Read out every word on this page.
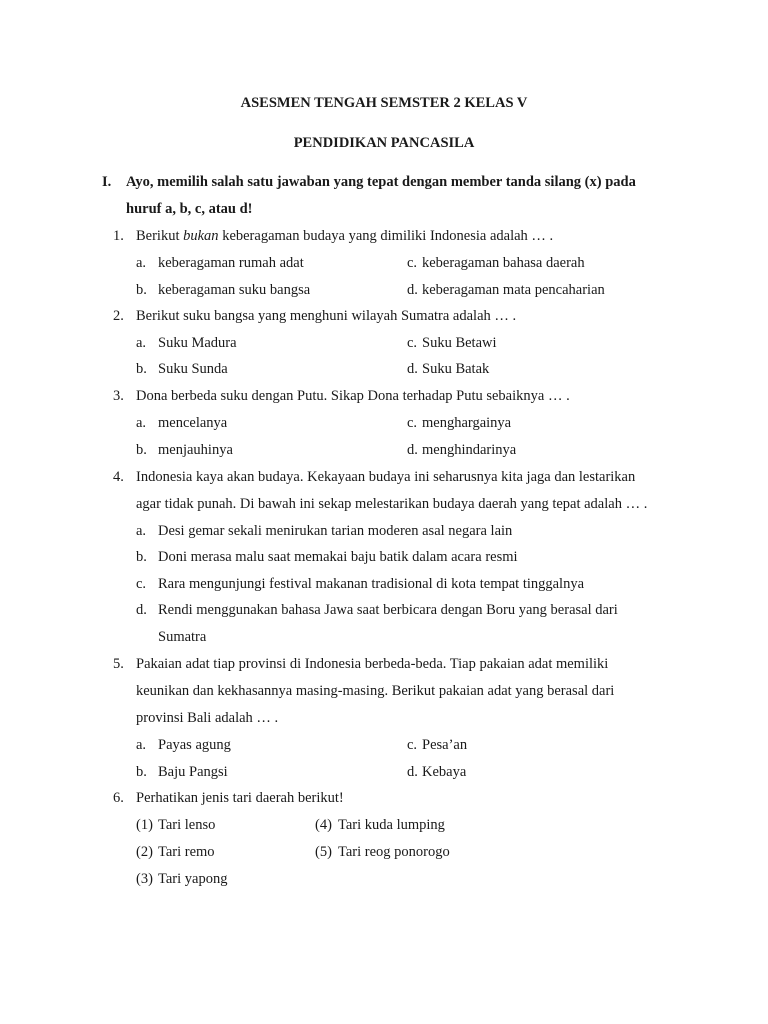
ASESMEN TENGAH SEMSTER 2 KELAS V
PENDIDIKAN PANCASILA
I. Ayo, memilih salah satu jawaban yang tepat dengan member tanda silang (x) pada
huruf a, b, c, atau d!
1. Berikut bukan keberagaman budaya yang dimiliki Indonesia adalah … .
a. keberagaman rumah adat	c. keberagaman bahasa daerah
b. keberagaman suku bangsa	d. keberagaman mata pencaharian
2. Berikut suku bangsa yang menghuni wilayah Sumatra adalah … .
a. Suku Madura	c. Suku Betawi
b. Suku Sunda	d. Suku Batak
3. Dona berbeda suku dengan Putu. Sikap Dona terhadap Putu sebaiknya … .
a. mencelanya	c. menghargainya
b. menjauhinya	d. menghindarinya
4. Indonesia kaya akan budaya. Kekayaan budaya ini seharusnya kita jaga dan lestarikan
agar tidak punah. Di bawah ini sekap melestarikan budaya daerah yang tepat adalah … .
a. Desi gemar sekali menirukan tarian moderen asal negara lain
b. Doni merasa malu saat memakai baju batik dalam acara resmi
c. Rara mengunjungi festival makanan tradisional di kota tempat tinggalnya
d. Rendi menggunakan bahasa Jawa saat berbicara dengan Boru yang berasal dari
Sumatra
5. Pakaian adat tiap provinsi di Indonesia berbeda-beda. Tiap pakaian adat memiliki
keunikan dan kekhasannya masing-masing. Berikut pakaian adat yang berasal dari
provinsi Bali adalah … .
a. Payas agung	c. Pesa’an
b. Baju Pangsi	d. Kebaya
6. Perhatikan jenis tari daerah berikut!
(1) Tari lenso	(4) Tari kuda lumping
(2) Tari remo	(5) Tari reog ponorogo
(3) Tari yapong
